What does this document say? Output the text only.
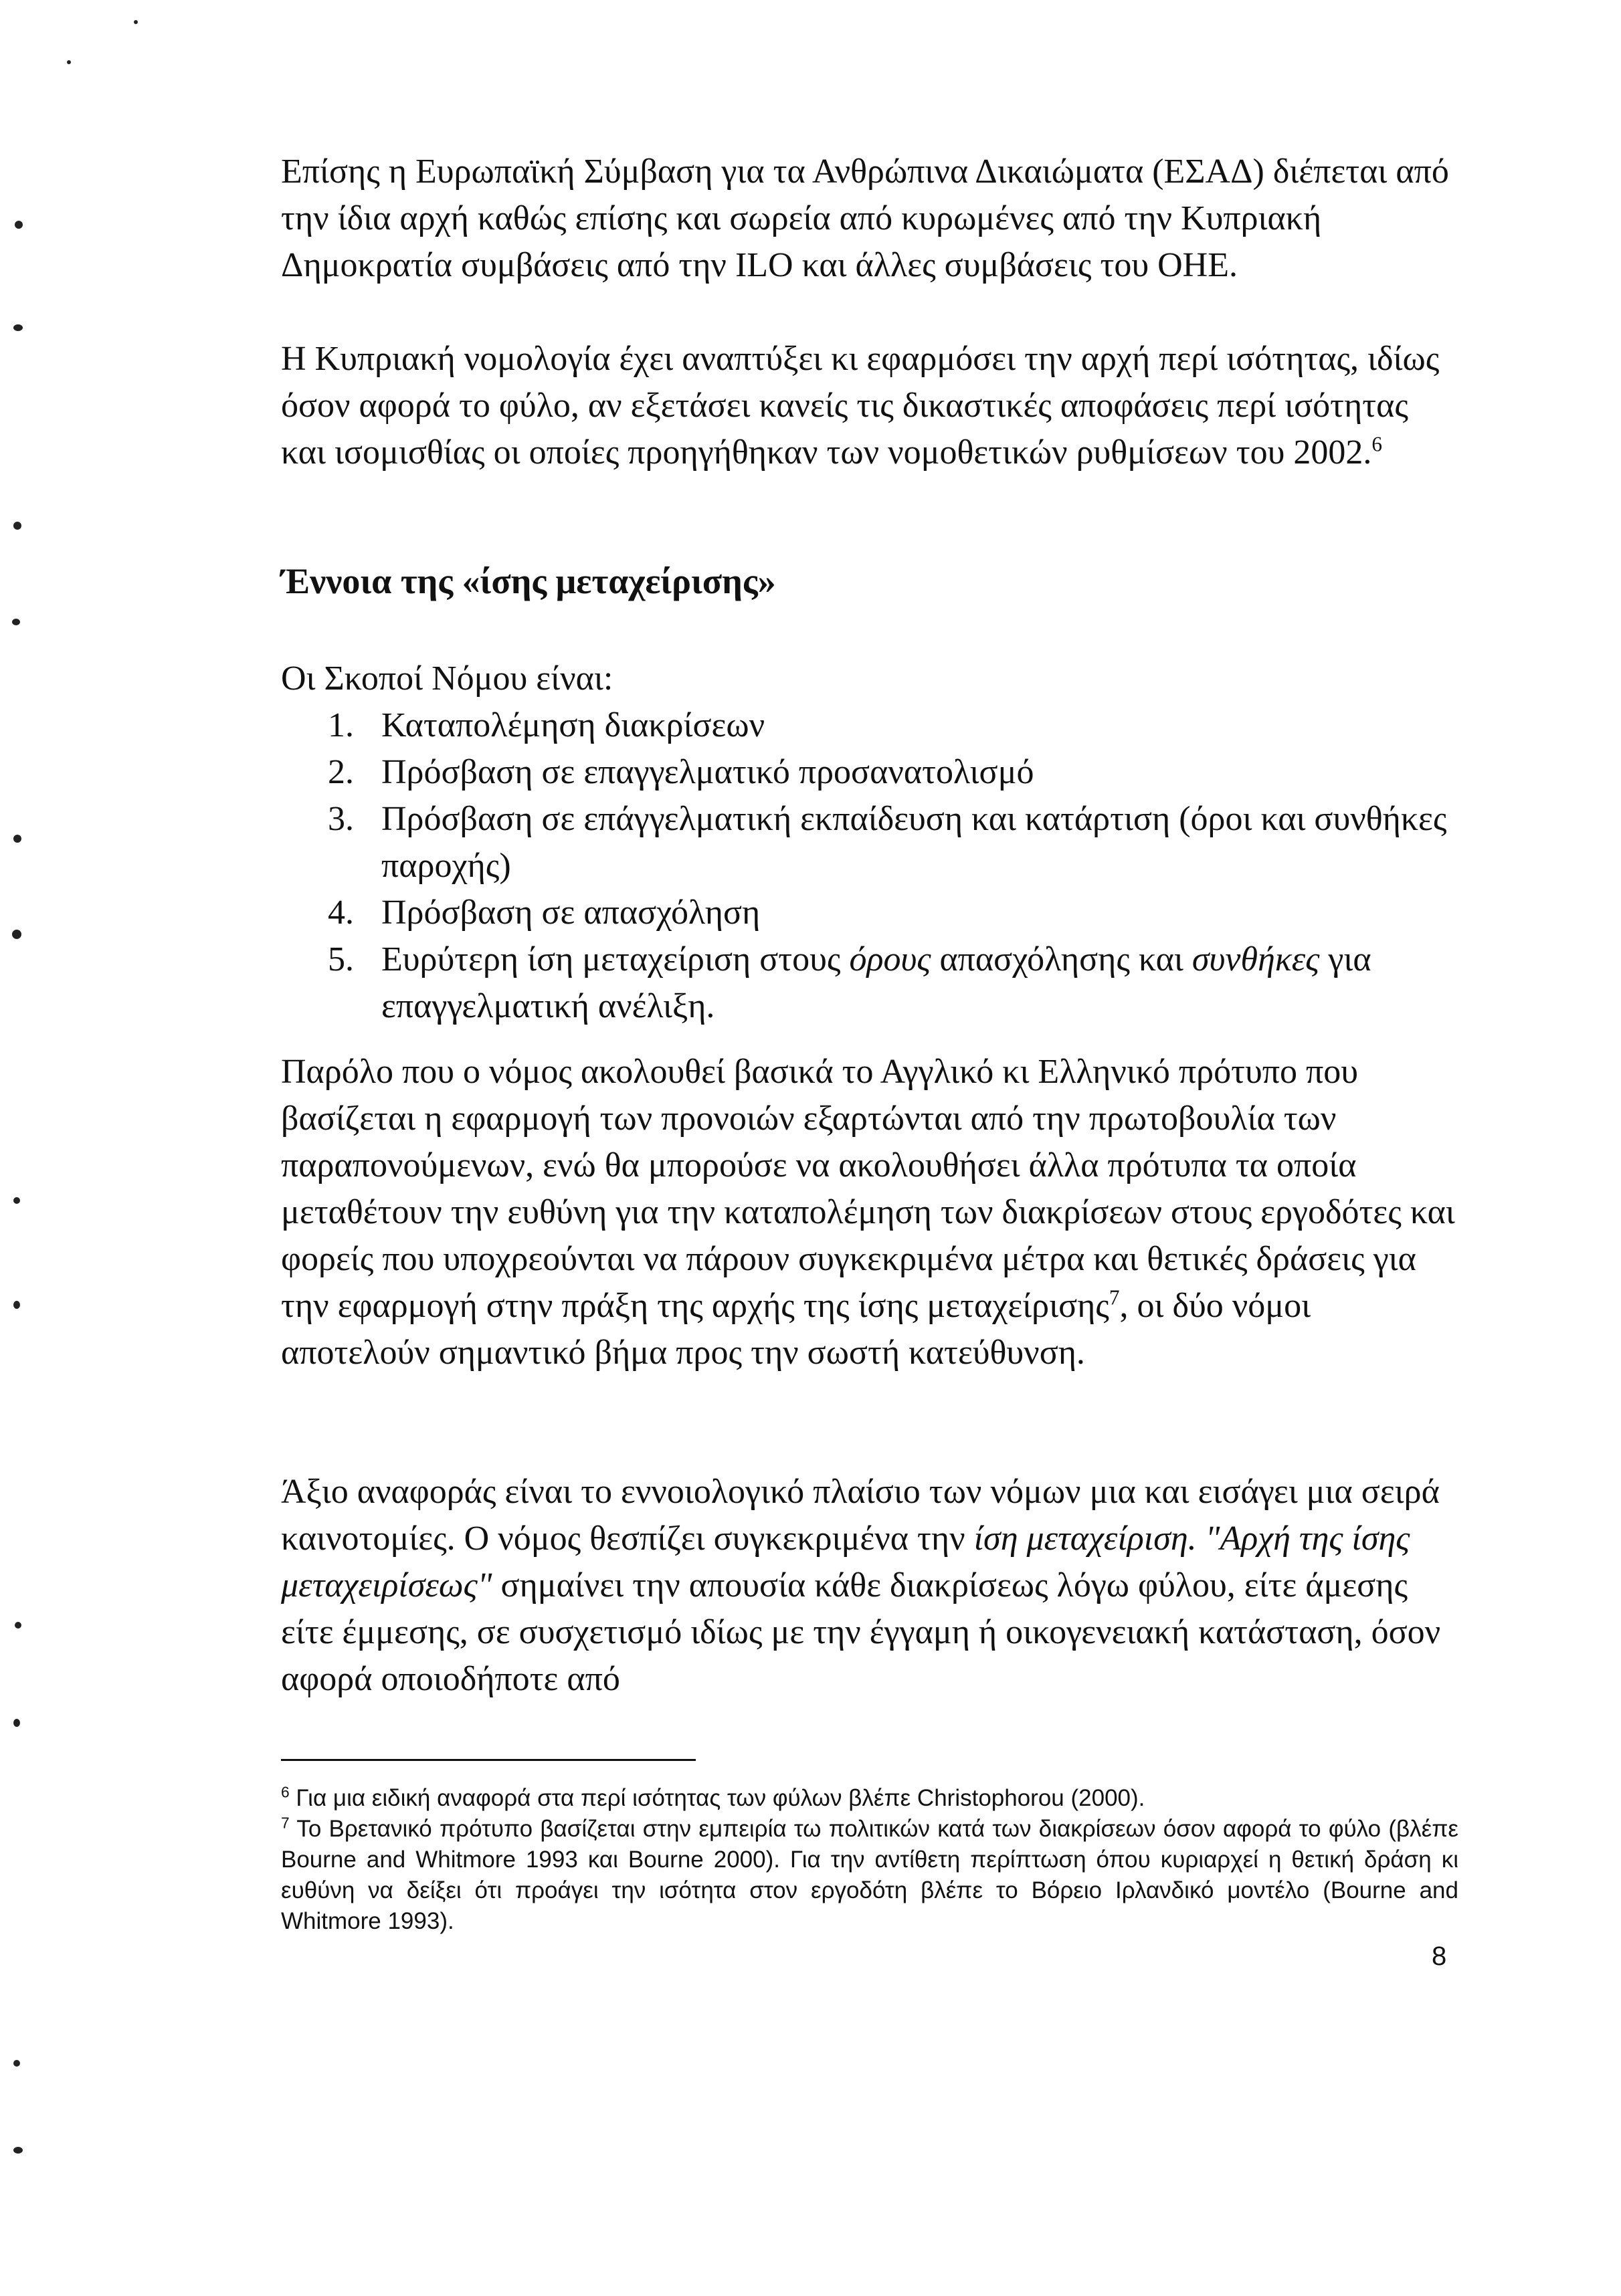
Επίσης η Ευρωπαϊκή Σύμβαση για τα Ανθρώπινα Δικαιώματα (ΕΣΑΔ) διέπεται από την ίδια αρχή καθώς επίσης και σωρεία από κυρωμένες από την Κυπριακή Δημοκρατία συμβάσεις από την ILO και άλλες συμβάσεις του ΟΗΕ.

Η Κυπριακή νομολογία έχει αναπτύξει κι εφαρμόσει την αρχή περί ισότητας, ιδίως όσον αφορά το φύλο, αν εξετάσει κανείς τις δικαστικές αποφάσεις περί ισότητας και ισομισθίας οι οποίες προηγήθηκαν των νομοθετικών ρυθμίσεων του 2002.$^6$

Έννοια της «ίσης μεταχείρισης»

Οι Σκοποί Νόμου είναι:

1. Καταπολέμηση διακρίσεων
2. Πρόσβαση σε επαγγελματικό προσανατολισμό
3. Πρόσβαση σε επάγγελματική εκπαίδευση και κατάρτιση (όροι και συνθήκες παροχής)
4. Πρόσβαση σε απασχόληση
5. Ευρύτερη ίση μεταχείριση στους όρους απασχόλησης και συνθήκες για επαγγελματική ανέλιξη.

Παρόλο που ο νόμος ακολουθεί βασικά το Αγγλικό κι Ελληνικό πρότυπο που βασίζεται η εφαρμογή των προνοιών εξαρτώνται από την πρωτοβουλία των παραπονούμενων, ενώ θα μπορούσε να ακολουθήσει άλλα πρότυπα τα οποία μεταθέτουν την ευθύνη για την καταπολέμηση των διακρίσεων στους εργοδότες και φορείς που υποχρεούνται να πάρουν συγκεκριμένα μέτρα και θετικές δράσεις για την εφαρμογή στην πράξη της αρχής της ίσης μεταχείρισης$^7$, οι δύο νόμοι αποτελούν σημαντικό βήμα προς την σωστή κατεύθυνση.

Άξιο αναφοράς είναι το εννοιολογικό πλαίσιο των νόμων μια και εισάγει μια σειρά καινοτομίες. Ο νόμος θεσπίζει συγκεκριμένα την ίση μεταχείριση. "Αρχή της ίσης μεταχειρίσεως" σημαίνει την απουσία κάθε διακρίσεως λόγω φύλου, είτε άμεσης είτε έμμεσης, σε συσχετισμό ιδίως με την έγγαμη ή οικογενειακή κατάσταση, όσον αφορά οποιοδήποτε από

$^6$ Για μια ειδική αναφορά στα περί ισότητας των φύλων βλέπε Christophorou (2000).

$^7$ Το Βρετανικό πρότυπο βασίζεται στην εμπειρία τω πολιτικών κατά των διακρίσεων όσον αφορά το φύλο (βλέπε Bourne and Whitmore 1993 και Bourne 2000). Για την αντίθετη περίπτωση όπου κυριαρχεί η θετική δράση κι ευθύνη να δείξει ότι προάγει την ισότητα στον εργοδότη βλέπε το Βόρειο Ιρλανδικό μοντέλο (Bourne and Whitmore 1993).

8
